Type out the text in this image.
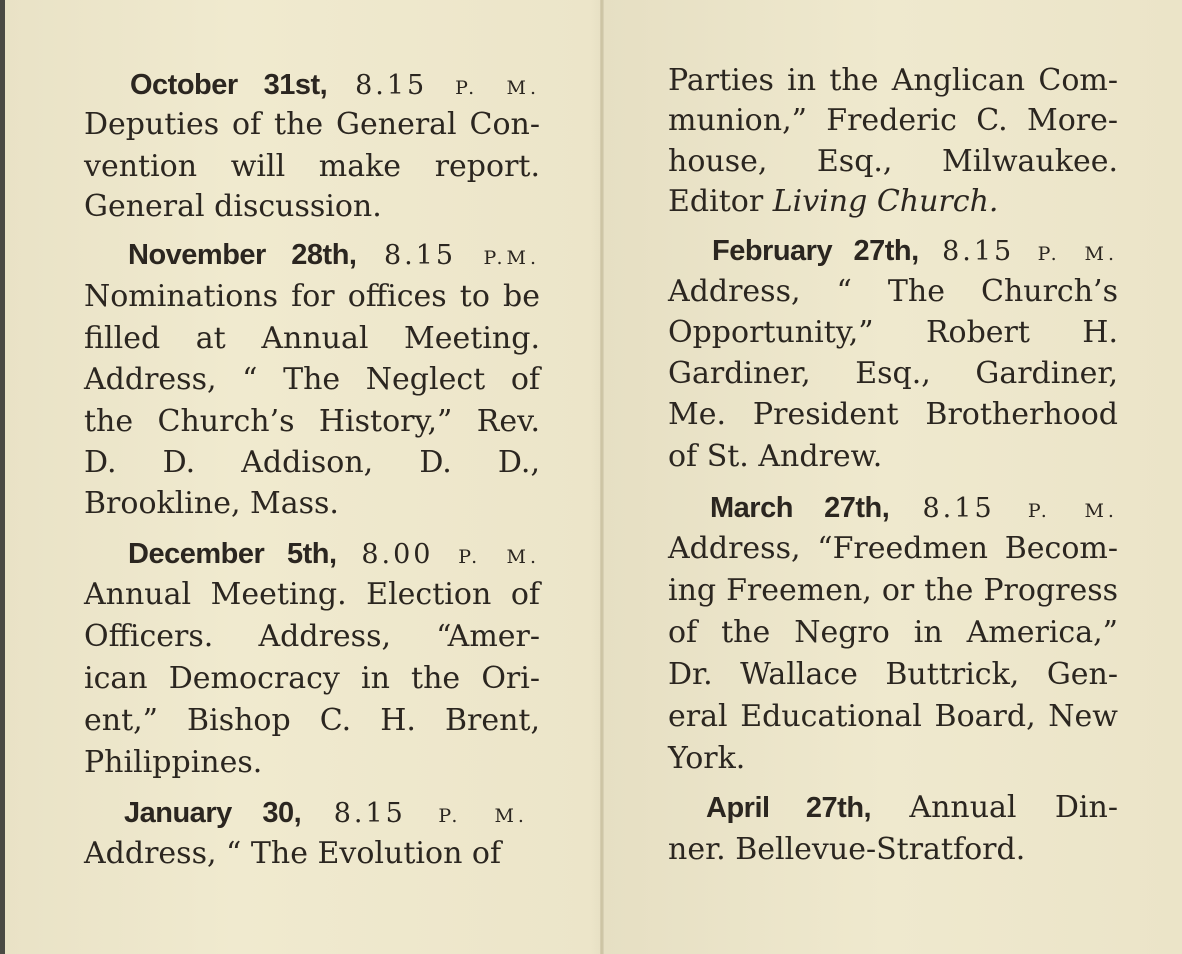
October 31st, 8.15 P. M.
Deputies of the General Con-
vention will make report.
General discussion.
November 28th, 8.15 P.M.
Nominations for offices to be
filled at Annual Meeting.
Address, “ The Neglect of
the Church’s History,” Rev.
D. D. Addison, D. D.,
Brookline, Mass.
December 5th, 8.00 P. M.
Annual Meeting. Election of
Officers. Address, “Amer-
ican Democracy in the Ori-
ent,” Bishop C. H. Brent,
Philippines.
January 30, 8.15 P. M.
Address, “ The Evolution of
Parties in the Anglican Com-
munion,” Frederic C. More-
house, Esq., Milwaukee.
Editor Living Church.
February 27th, 8.15 P. M.
Address, “ The Church’s
Opportunity,” Robert H.
Gardiner, Esq., Gardiner,
Me. President Brotherhood
of St. Andrew.
March 27th, 8.15 P. M.
Address, “Freedmen Becom-
ing Freemen, or the Progress
of the Negro in America,”
Dr. Wallace Buttrick, Gen-
eral Educational Board, New
York.
April 27th, Annual Din-
ner. Bellevue-Stratford.
